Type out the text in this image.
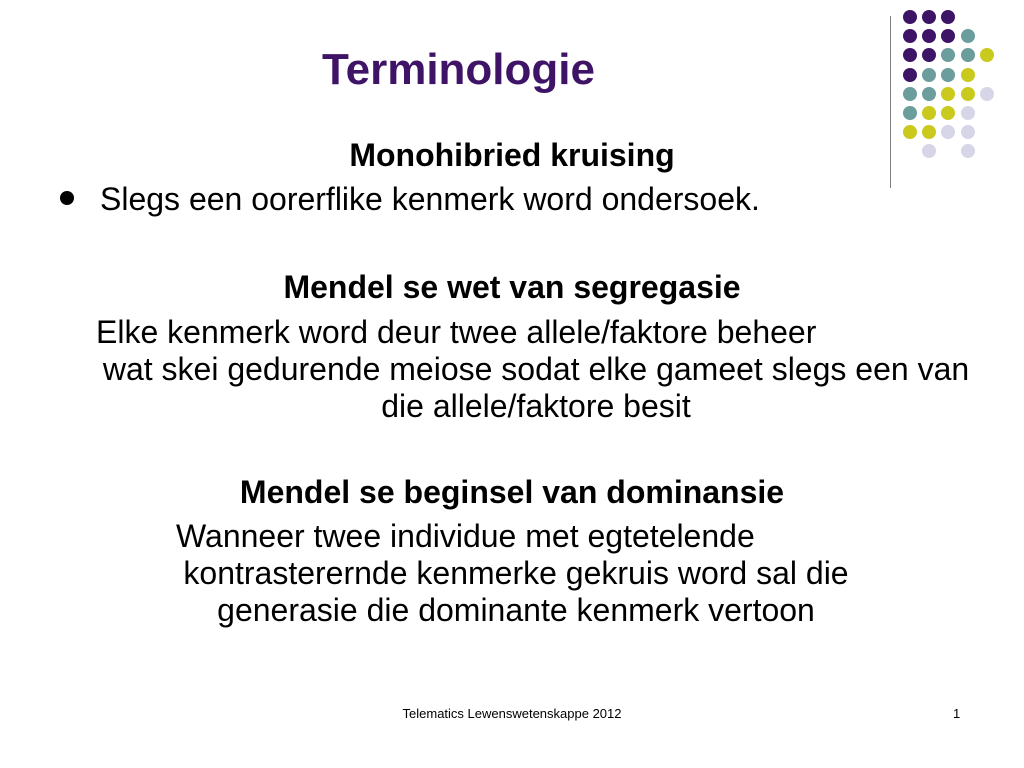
Terminologie
Monohibried kruising
Slegs een oorerflike kenmerk word ondersoek.
Mendel se wet van segregasie
Elke kenmerk word deur twee allele/faktore beheer
wat skei gedurende meiose sodat elke gameet slegs een van die allele/faktore besit
Mendel se beginsel van dominansie
Wanneer twee individue met egtetelende
kontrasterernde kenmerke gekruis word sal die generasie die dominante kenmerk vertoon
Telematics Lewenswetenskappe 2012	1
